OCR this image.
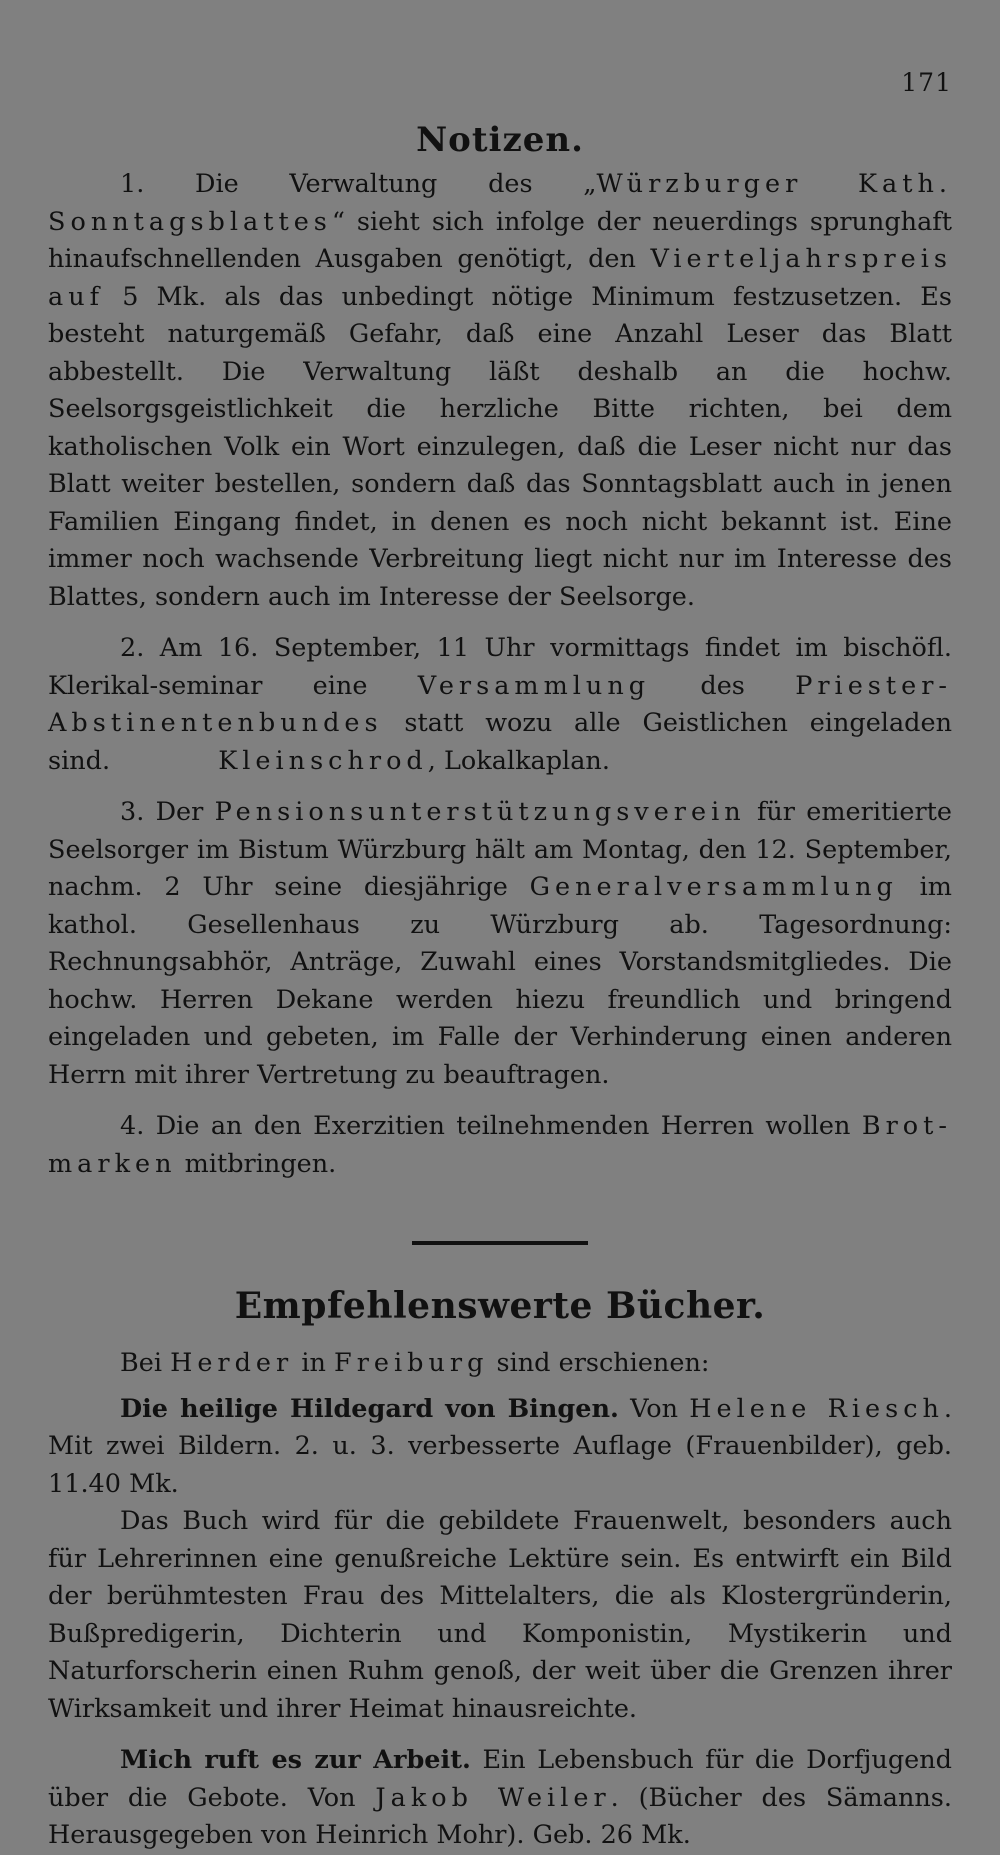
171
Notizen.

1. Die Verwaltung des „Würzburger Kath. Sonntagsblattes“ sieht sich infolge der neuerdings sprunghaft hinaufschnellenden Ausgaben genötigt, den Vierteljahrspreis auf 5 Mk. als das unbedingt nötige Minimum festzusetzen. Es besteht naturgemäß Gefahr, daß eine Anzahl Leser das Blatt abbestellt. Die Verwaltung läßt deshalb an die hochw. Seelsorgsgeistlichkeit die herzliche Bitte richten, bei dem katholischen Volk ein Wort einzulegen, daß die Leser nicht nur das Blatt weiter bestellen, sondern daß das Sonntagsblatt auch in jenen Familien Eingang findet, in denen es noch nicht bekannt ist. Eine immer noch wachsende Verbreitung liegt nicht nur im Interesse des Blattes, sondern auch im Interesse der Seelsorge.

2. Am 16. September, 11 Uhr vormittags findet im bischöfl. Klerikal-seminar eine Versammlung des Priester-Abstinentenbundes statt wozu alle Geistlichen eingeladen sind.	Kleinschrod, Lokalkaplan.

3. Der Pensionsunterstützungsverein für emeritierte Seelsorger im Bistum Würzburg hält am Montag, den 12. September, nachm. 2 Uhr seine diesjährige Generalversammlung im kathol. Gesellenhaus zu Würzburg ab. Tagesordnung: Rechnungsabhör, Anträge, Zuwahl eines Vorstandsmitgliedes. Die hochw. Herren Dekane werden hiezu freundlich und bringend eingeladen und gebeten, im Falle der Verhinderung einen anderen Herrn mit ihrer Vertretung zu beauftragen.

4. Die an den Exerzitien teilnehmenden Herren wollen Brot-marken mitbringen.

Empfehlenswerte Bücher.

Bei Herder in Freiburg sind erschienen:

Die heilige Hildegard von Bingen. Von Helene Riesch. Mit zwei Bildern. 2. u. 3. verbesserte Auflage (Frauenbilder), geb. 11.40 Mk.

Das Buch wird für die gebildete Frauenwelt, besonders auch für Lehrerinnen eine genußreiche Lektüre sein. Es entwirft ein Bild der berühmtesten Frau des Mittelalters, die als Klostergründerin, Bußpredigerin, Dichterin und Komponistin, Mystikerin und Naturforscherin einen Ruhm genoß, der weit über die Grenzen ihrer Wirksamkeit und ihrer Heimat hinausreichte.

Mich ruft es zur Arbeit. Ein Lebensbuch für die Dorfjugend über die Gebote. Von Jakob Weiler. (Bücher des Sämanns. Herausgegeben von Heinrich Mohr). Geb. 26 Mk.
